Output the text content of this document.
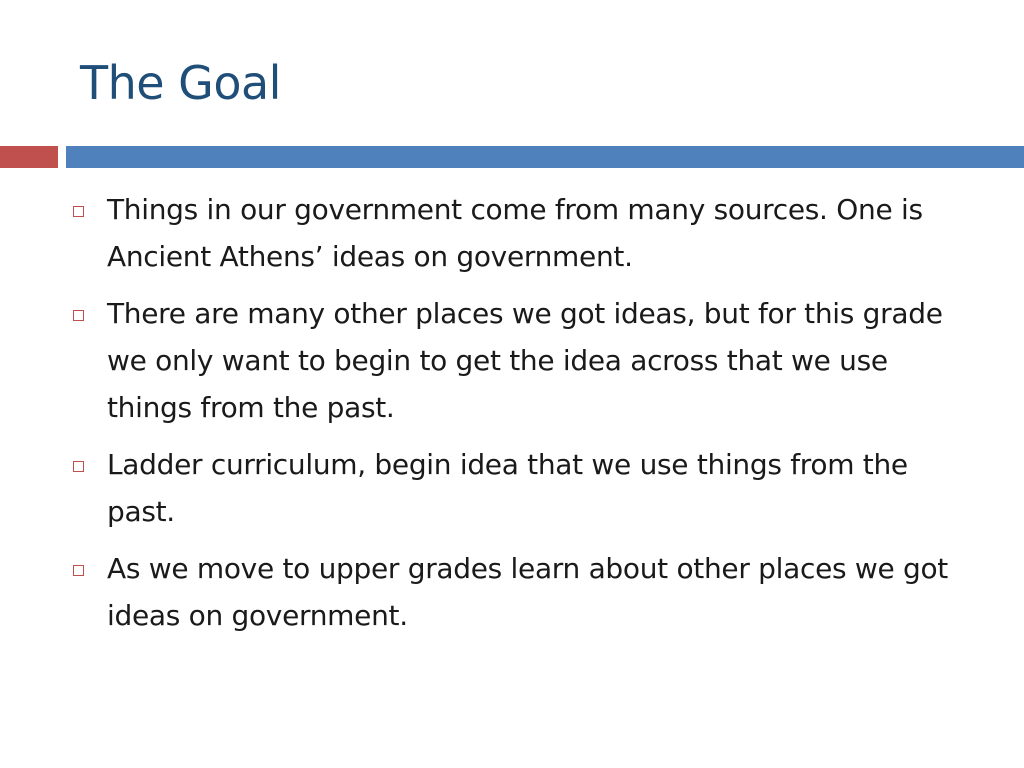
The Goal
Things in our government come from many sources. One is Ancient Athens’ ideas on government.
There are many other places we got ideas, but for this grade we only want to begin to get the idea across that we use things from the past.
Ladder curriculum, begin idea that we use things from the past.
As we move to upper grades learn about other places we got ideas on government.
